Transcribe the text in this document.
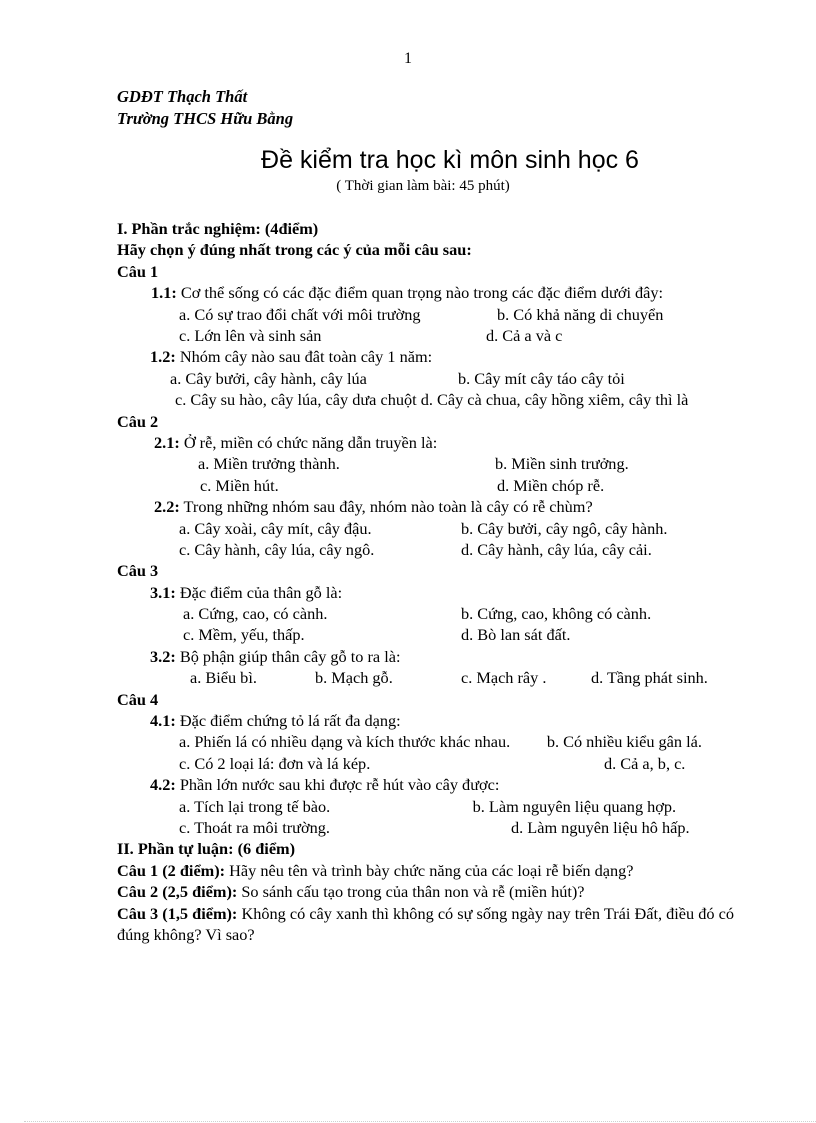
1
GDĐT Thạch Thất
Trường THCS Hữu Bằng
Đề kiểm tra học kì môn sinh học 6
( Thời gian làm bài: 45 phút)
I. Phần trắc nghiệm: (4điểm)
Hãy chọn ý đúng nhất trong các ý của mỗi câu sau:
Câu 1
1.1: Cơ thể sống có các đặc điểm quan trọng nào trong các đặc điểm dưới đây:
a. Có sự trao đổi chất với môi trường	b. Có khả năng di chuyển
c. Lớn lên và sinh sản	d. Cả a và c
1.2: Nhóm cây nào sau đât toàn cây 1 năm:
a. Cây bưởi, cây hành, cây lúa	b. Cây mít cây táo cây tỏi
c. Cây su hào, cây lúa, cây dưa chuột d. Cây cà chua, cây hồng xiêm, cây thì là
Câu 2
2.1: Ở rễ, miền có chức năng dẫn truyền là:
a. Miền trưởng thành.	b. Miền sinh trưởng.
c. Miền hút.	d. Miền chóp rễ.
2.2: Trong những nhóm sau đây, nhóm nào toàn là cây có rễ chùm?
a. Cây xoài, cây mít, cây đậu.	b. Cây bưởi, cây ngô, cây hành.
c. Cây hành, cây lúa, cây ngô.	d. Cây hành, cây lúa, cây cải.
Câu 3
3.1: Đặc điểm của thân gỗ là:
a. Cứng, cao, có cành.	b. Cứng, cao, không có cành.
c. Mềm, yếu, thấp.	d. Bò lan sát đất.
3.2: Bộ phận giúp thân cây gỗ to ra là:
a. Biểu bì.	b. Mạch gỗ.	c. Mạch rây .	d. Tầng phát sinh.
Câu 4
4.1: Đặc điểm chứng tỏ lá rất đa dạng:
a. Phiến lá có nhiều dạng và kích thước khác nhau.         b. Có nhiều kiểu gân lá.
c. Có 2 loại lá: đơn và lá kép.	d. Cả a, b, c.
4.2: Phần lớn nước sau khi được rễ hút vào cây được:
a. Tích lại trong tế bào.                                   b. Làm nguyên liệu quang hợp.
c. Thoát ra môi trường.	d. Làm nguyên liệu hô hấp.
II. Phần tự luận: (6 điểm)
Câu 1 (2 điểm): Hãy nêu tên và trình bày chức năng của các loại rễ biến dạng?
Câu 2 (2,5 điểm): So sánh cấu tạo trong của thân non và rễ (miền hút)?
Câu 3 (1,5 điểm): Không có cây xanh thì không có sự sống ngày nay trên Trái Đất, điều đó có đúng không? Vì sao?
